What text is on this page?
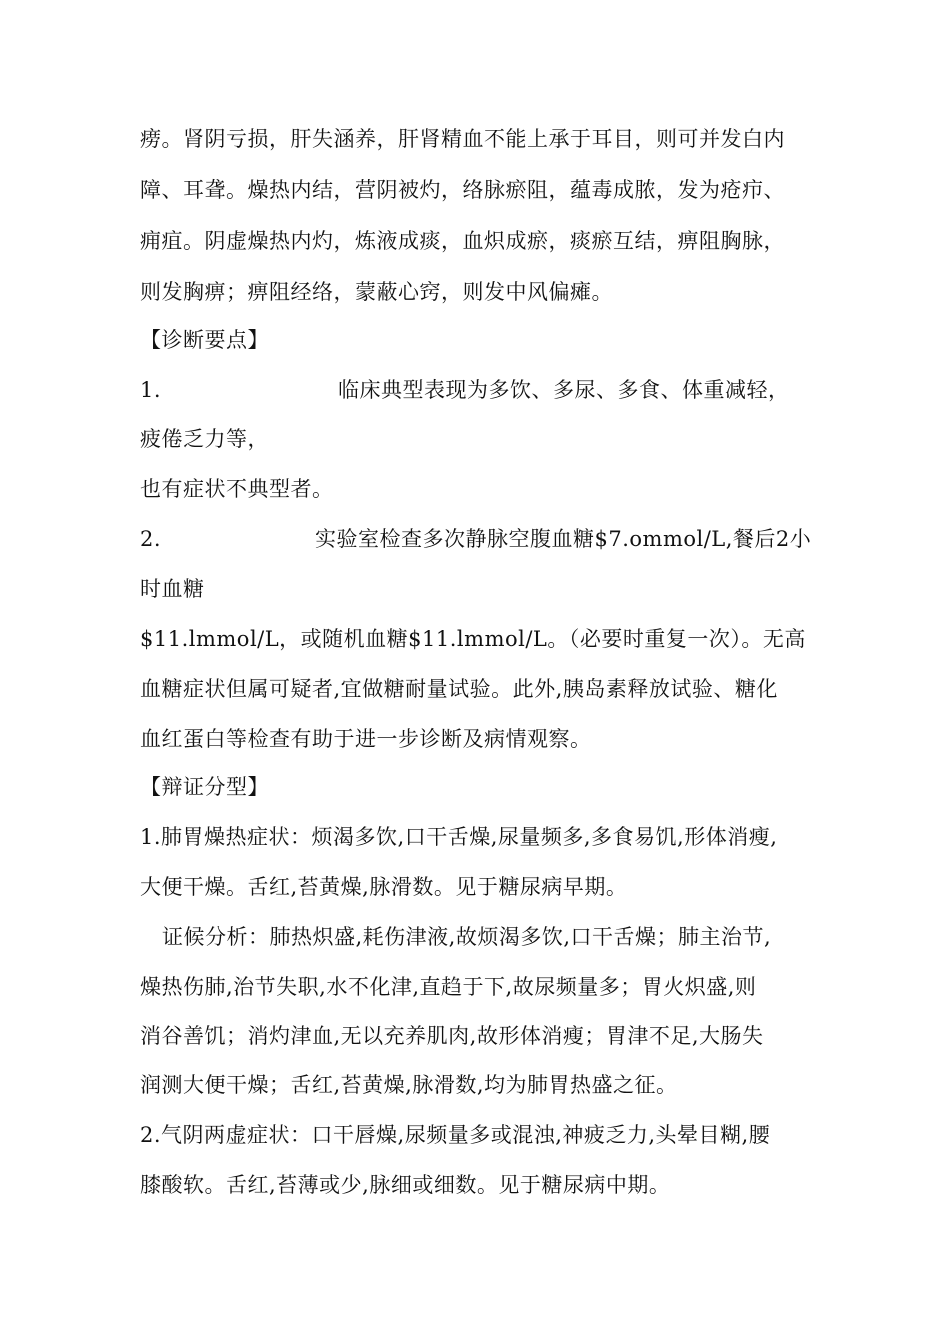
痨。肾阴亏损，肝失涵养，肝肾精血不能上承于耳目，则可并发白内
障、耳聋。燥热内结，营阴被灼，络脉瘀阻，蕴毒成脓，发为疮疖、
痈疽。阴虚燥热内灼，炼液成痰，血炽成瘀，痰瘀互结，痹阻胸脉，
则发胸痹；痹阻经络，蒙蔽心窍，则发中风偏瘫。
【诊断要点】
1.	临床典型表现为多饮、多尿、多食、体重减轻，
疲倦乏力等，
也有症状不典型者。
2.	实验室检查多次静脉空腹血糖$7.ommol/L,餐后2小
时血糖
$11.lmmol/L，或随机血糖$11.lmmol/L。（必要时重复一次）。无高
血糖症状但属可疑者,宜做糖耐量试验。此外,胰岛素释放试验、糖化
血红蛋白等检查有助于进一步诊断及病情观察。
【辩证分型】
1.肺胃燥热症状：烦渴多饮,口干舌燥,尿量频多,多食易饥,形体消瘦,
大便干燥。舌红,苔黄燥,脉滑数。见于糖尿病早期。
证候分析：肺热炽盛,耗伤津液,故烦渴多饮,口干舌燥；肺主治节,
燥热伤肺,治节失职,水不化津,直趋于下,故尿频量多；胃火炽盛,则
消谷善饥；消灼津血,无以充养肌肉,故形体消瘦；胃津不足,大肠失
润测大便干燥；舌红,苔黄燥,脉滑数,均为肺胃热盛之征。
2.气阴两虚症状：口干唇燥,尿频量多或混浊,神疲乏力,头晕目糊,腰
膝酸软。舌红,苔薄或少,脉细或细数。见于糖尿病中期。
